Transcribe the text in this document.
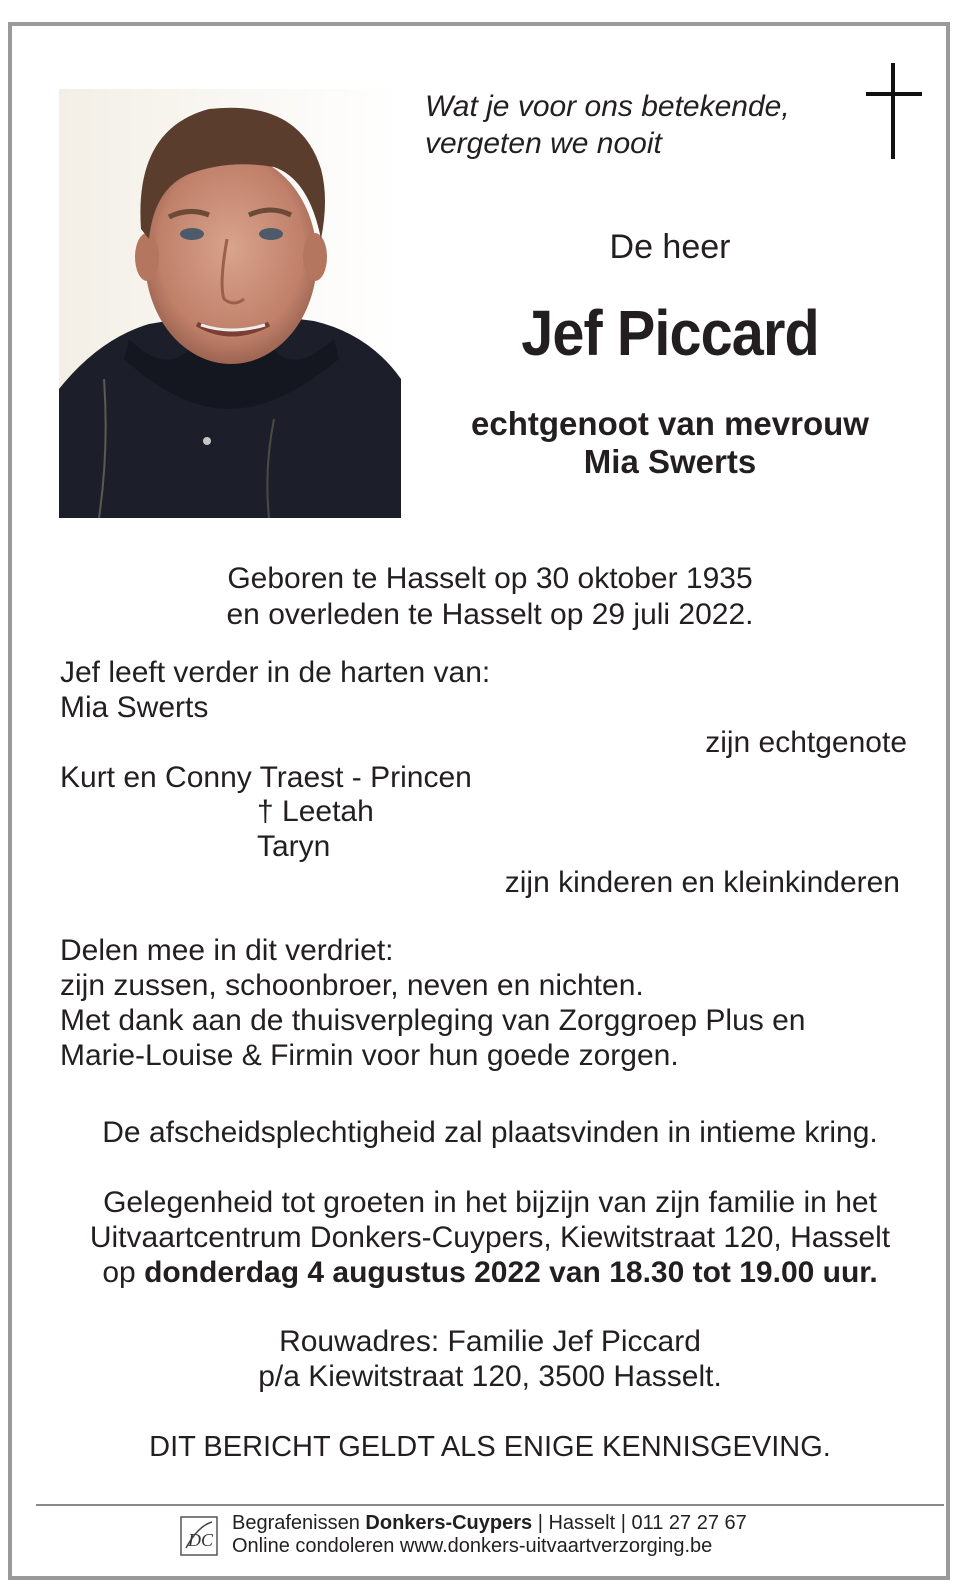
Wat je voor ons betekende,
vergeten we nooit
De heer
Jef Piccard
echtgenoot van mevrouw
Mia Swerts
Geboren te Hasselt op 30 oktober 1935
en overleden te Hasselt op 29 juli 2022.
Jef leeft verder in de harten van:
Mia Swerts
zijn echtgenote
Kurt en Conny Traest - Princen
† Leetah
Taryn
zijn kinderen en kleinkinderen
Delen mee in dit verdriet:
zijn zussen, schoonbroer, neven en nichten.
Met dank aan de thuisverpleging van Zorggroep Plus en
Marie-Louise & Firmin voor hun goede zorgen.
De afscheidsplechtigheid zal plaatsvinden in intieme kring.
Gelegenheid tot groeten in het bijzijn van zijn familie in het
Uitvaartcentrum Donkers-Cuypers, Kiewitstraat 120, Hasselt
op donderdag 4 augustus 2022 van 18.30 tot 19.00 uur.
Rouwadres: Familie Jef Piccard
p/a Kiewitstraat 120, 3500 Hasselt.
DIT BERICHT GELDT ALS ENIGE KENNISGEVING.
DC
Begrafenissen Donkers-Cuypers | Hasselt | 011 27 27 67
Online condoleren www.donkers-uitvaartverzorging.be
